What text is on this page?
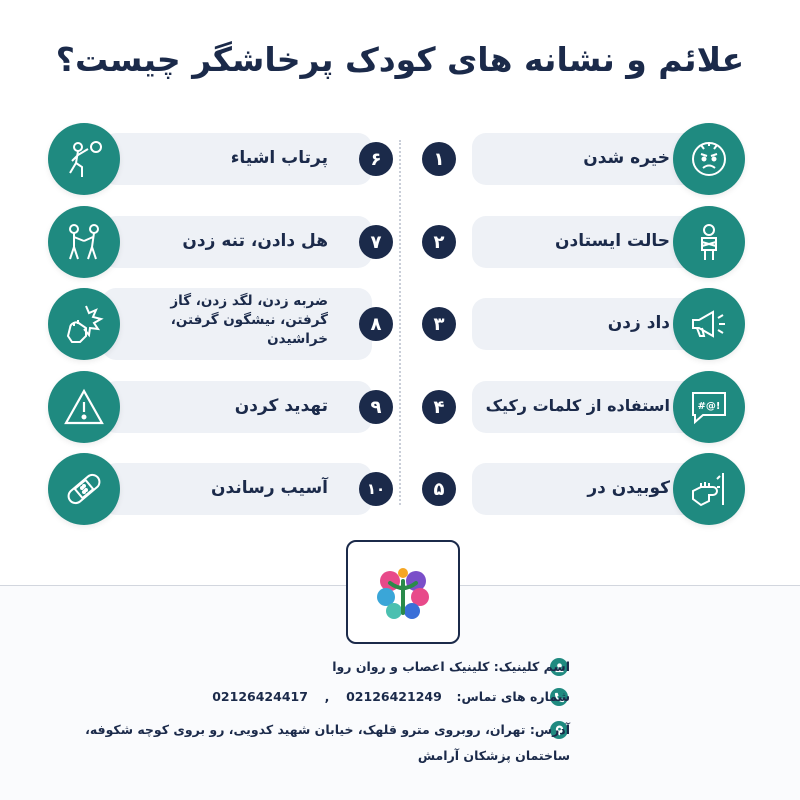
علائم و نشانه های کودک پرخاشگر چیست؟
خیره شدن
۱
حالت ایستادن
۲
داد زدن
۳
استفاده از کلمات رکیک
۴	#@!
کوبیدن در
۵
پرتاب اشیاء	۶
هل دادن، تنه زدن	۷
ضربه زدن، لگد زدن، گاز گرفتن، نیشگون گرفتن، خراشیدن
۸
تهدید کردن	۹
آسیب رساندن	۱۰
اسم کلینیک: کلینیک اعصاب و روان روا
شماره های تماس:  02126424417 , 02126421249
آدرس: تهران، روبروی مترو قلهک، خیابان شهید کدویی، رو بروی کوچه شکوفه،
ساختمان پزشکان آرامش
